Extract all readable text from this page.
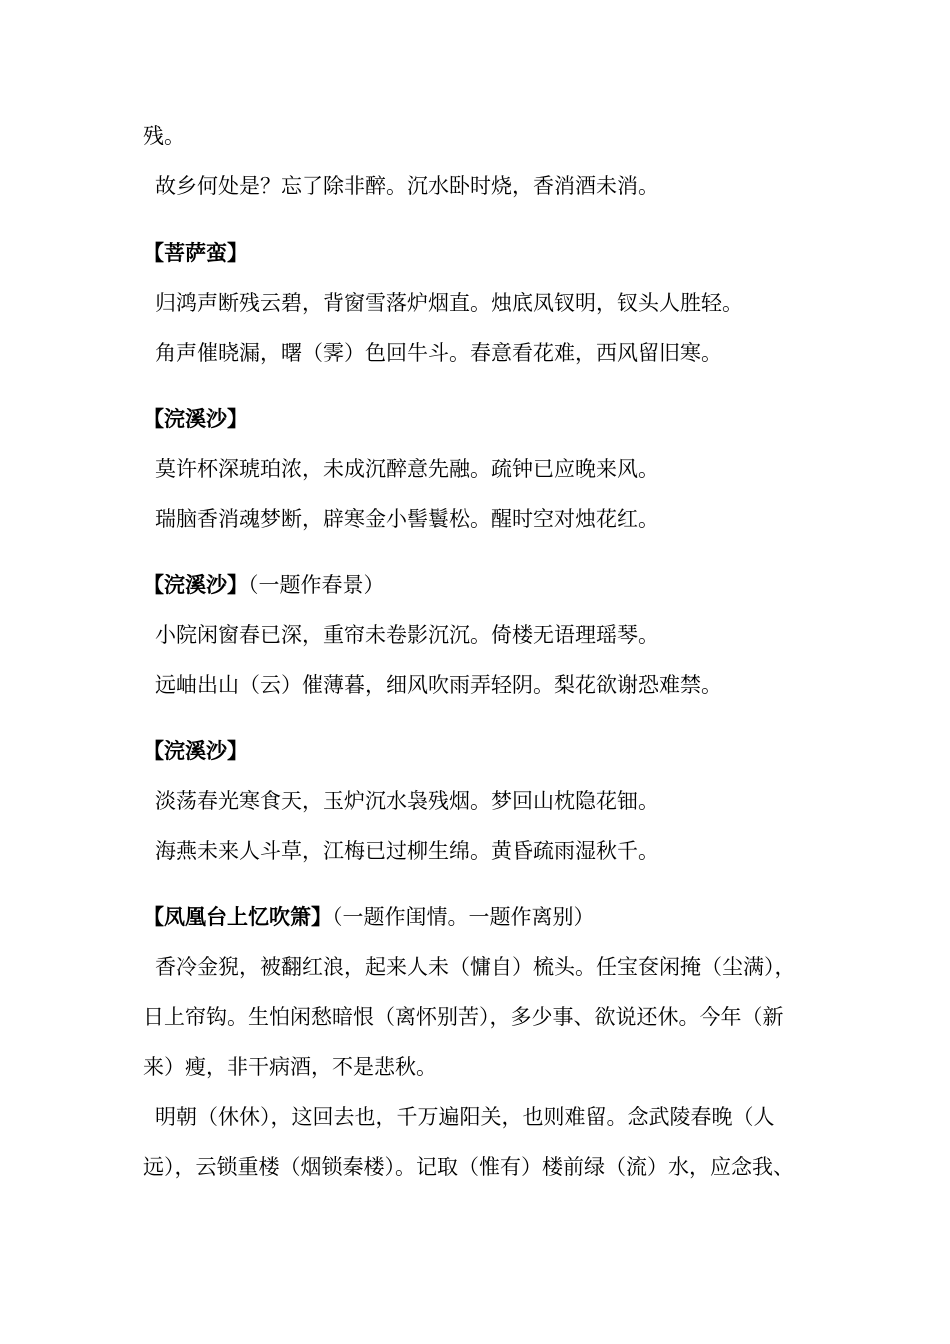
残。
故乡何处是？忘了除非醉。沉水卧时烧，香消酒未消。
【菩萨蛮】
归鸿声断残云碧，背窗雪落炉烟直。烛底凤钗明，钗头人胜轻。
角声催晓漏，曙（霁）色回牛斗。春意看花难，西风留旧寒。
【浣溪沙】
莫许杯深琥珀浓，未成沉醉意先融。疏钟已应晚来风。
瑞脑香消魂梦断，辟寒金小髻鬟松。醒时空对烛花红。
【浣溪沙】（一题作春景）
小院闲窗春已深，重帘未卷影沉沉。倚楼无语理瑶琴。
远岫出山（云）催薄暮，细风吹雨弄轻阴。梨花欲谢恐难禁。
【浣溪沙】
淡荡春光寒食天，玉炉沉水袅残烟。梦回山枕隐花钿。
海燕未来人斗草，江梅已过柳生绵。黄昏疏雨湿秋千。
【凤凰台上忆吹箫】（一题作闺情。一题作离别）
香冷金猊，被翻红浪，起来人未（慵自）梳头。任宝奁闲掩（尘满），
日上帘钩。生怕闲愁暗恨（离怀别苦），多少事、欲说还休。今年（新
来）瘦，非干病酒，不是悲秋。
明朝（休休），这回去也，千万遍阳关，也则难留。念武陵春晚（人
远），云锁重楼（烟锁秦楼）。记取（惟有）楼前绿（流）水，应念我、
